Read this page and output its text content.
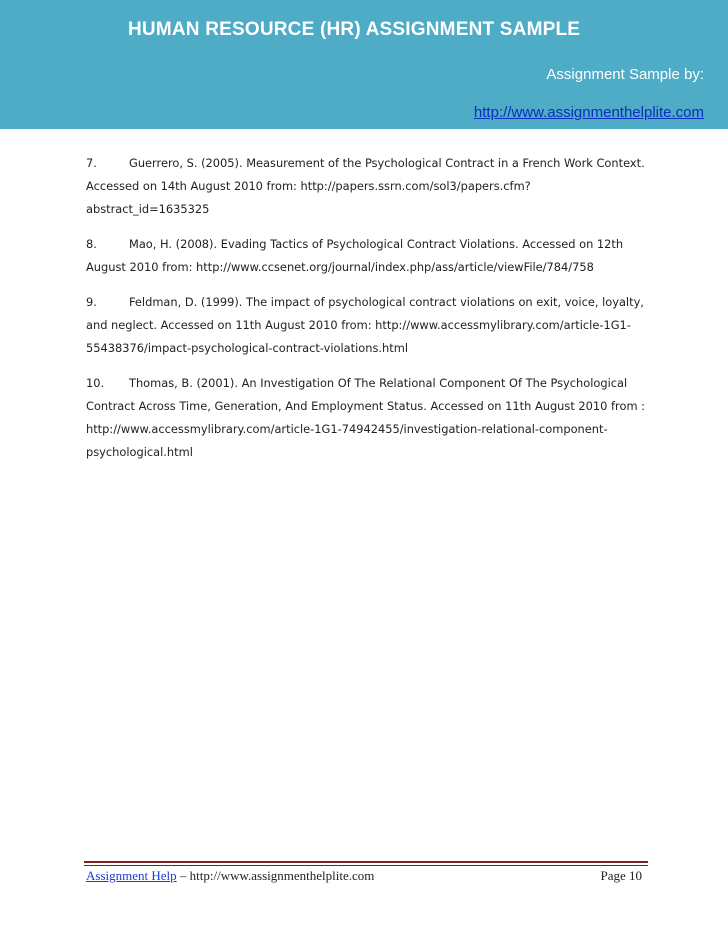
HUMAN RESOURCE (HR) ASSIGNMENT SAMPLE
Assignment Sample by:
http://www.assignmenthelplite.com

7.	Guerrero, S. (2005). Measurement of the Psychological Contract in a French Work Context. Accessed on 14th August 2010 from: http://papers.ssrn.com/sol3/papers.cfm?abstract_id=1635325

8.	Mao, H. (2008). Evading Tactics of Psychological Contract Violations. Accessed on 12th August 2010 from: http://www.ccsenet.org/journal/index.php/ass/article/viewFile/784/758

9.	Feldman, D. (1999). The impact of psychological contract violations on exit, voice, loyalty, and neglect. Accessed on 11th August 2010 from: http://www.accessmylibrary.com/article-1G1-55438376/impact-psychological-contract-violations.html

10. Thomas, B. (2001). An Investigation Of The Relational Component Of The Psychological Contract Across Time, Generation, And Employment Status. Accessed on 11th August 2010 from : http://www.accessmylibrary.com/article-1G1-74942455/investigation-relational-component-psychological.html

Assignment Help – http://www.assignmenthelplite.com	Page 10
